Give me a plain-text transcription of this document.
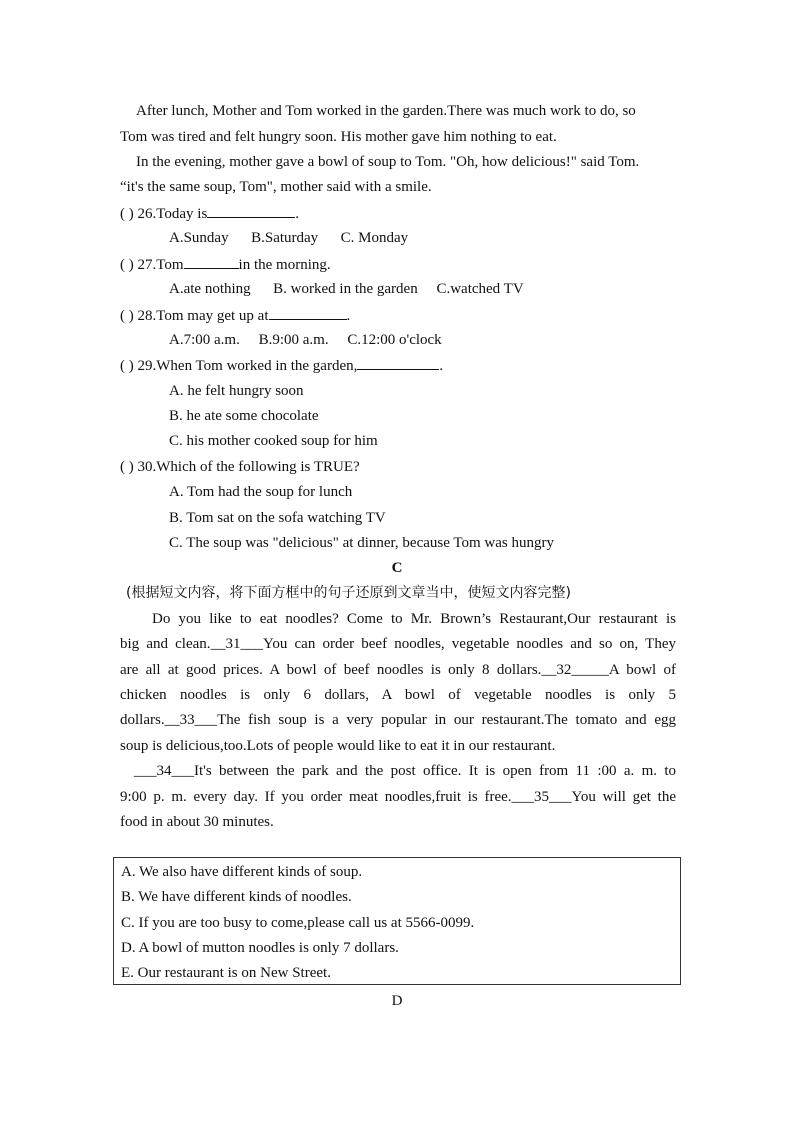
After lunch, Mother and Tom worked in the garden.There was much work to do, so
Tom was tired and felt hungry soon. His mother gave him nothing to eat.
In the evening, mother gave a bowl of soup to Tom. "Oh, how delicious!" said Tom.
“it's the same soup, Tom", mother said with a smile.
( ) 26.Today is	.
A.Sunday B.Saturday C. Monday
( ) 27.Tom	in the morning.
A.ate nothing B. worked in the garden C.watched TV
( ) 28.Tom may get up at	.
A.7:00 a.m. B.9:00 a.m. C.12:00 o'clock
( ) 29.When Tom worked in the garden,	.
A. he felt hungry soon
B. he ate some chocolate
C. his mother cooked soup for him
( ) 30.Which of the following is TRUE?
A. Tom had the soup for lunch
B. Tom sat on the sofa watching TV
C. The soup was "delicious" at dinner, because Tom was hungry
C
(根据短文内容，将下面方框中的句子还原到文章当中，使短文内容完整)
Do you like to eat noodles? Come to Mr. Brown’s Restaurant,Our restaurant is
big and clean.__31___You can order beef noodles, vegetable noodles and so on, They
are all at good prices. A bowl of beef noodles is only 8 dollars.__32_____A bowl of
chicken noodles is only 6 dollars, A bowl of vegetable noodles is only 5
dollars.__33___The fish soup is a very popular in our restaurant.The tomato and egg
soup is delicious,too.Lots of people would like to eat it in our restaurant.
___34___It's between the park and the post office. It is open from 11 :00 a. m. to
9:00 p. m. every day. If you order meat noodles,fruit is free.___35___You will get the
food in about 30 minutes.
A. We also have different kinds of soup.
B. We have different kinds of noodles.
C. If you are too busy to come,please call us at 5566-0099.
D. A bowl of mutton noodles is only 7 dollars.
E. Our restaurant is on New Street.
D
